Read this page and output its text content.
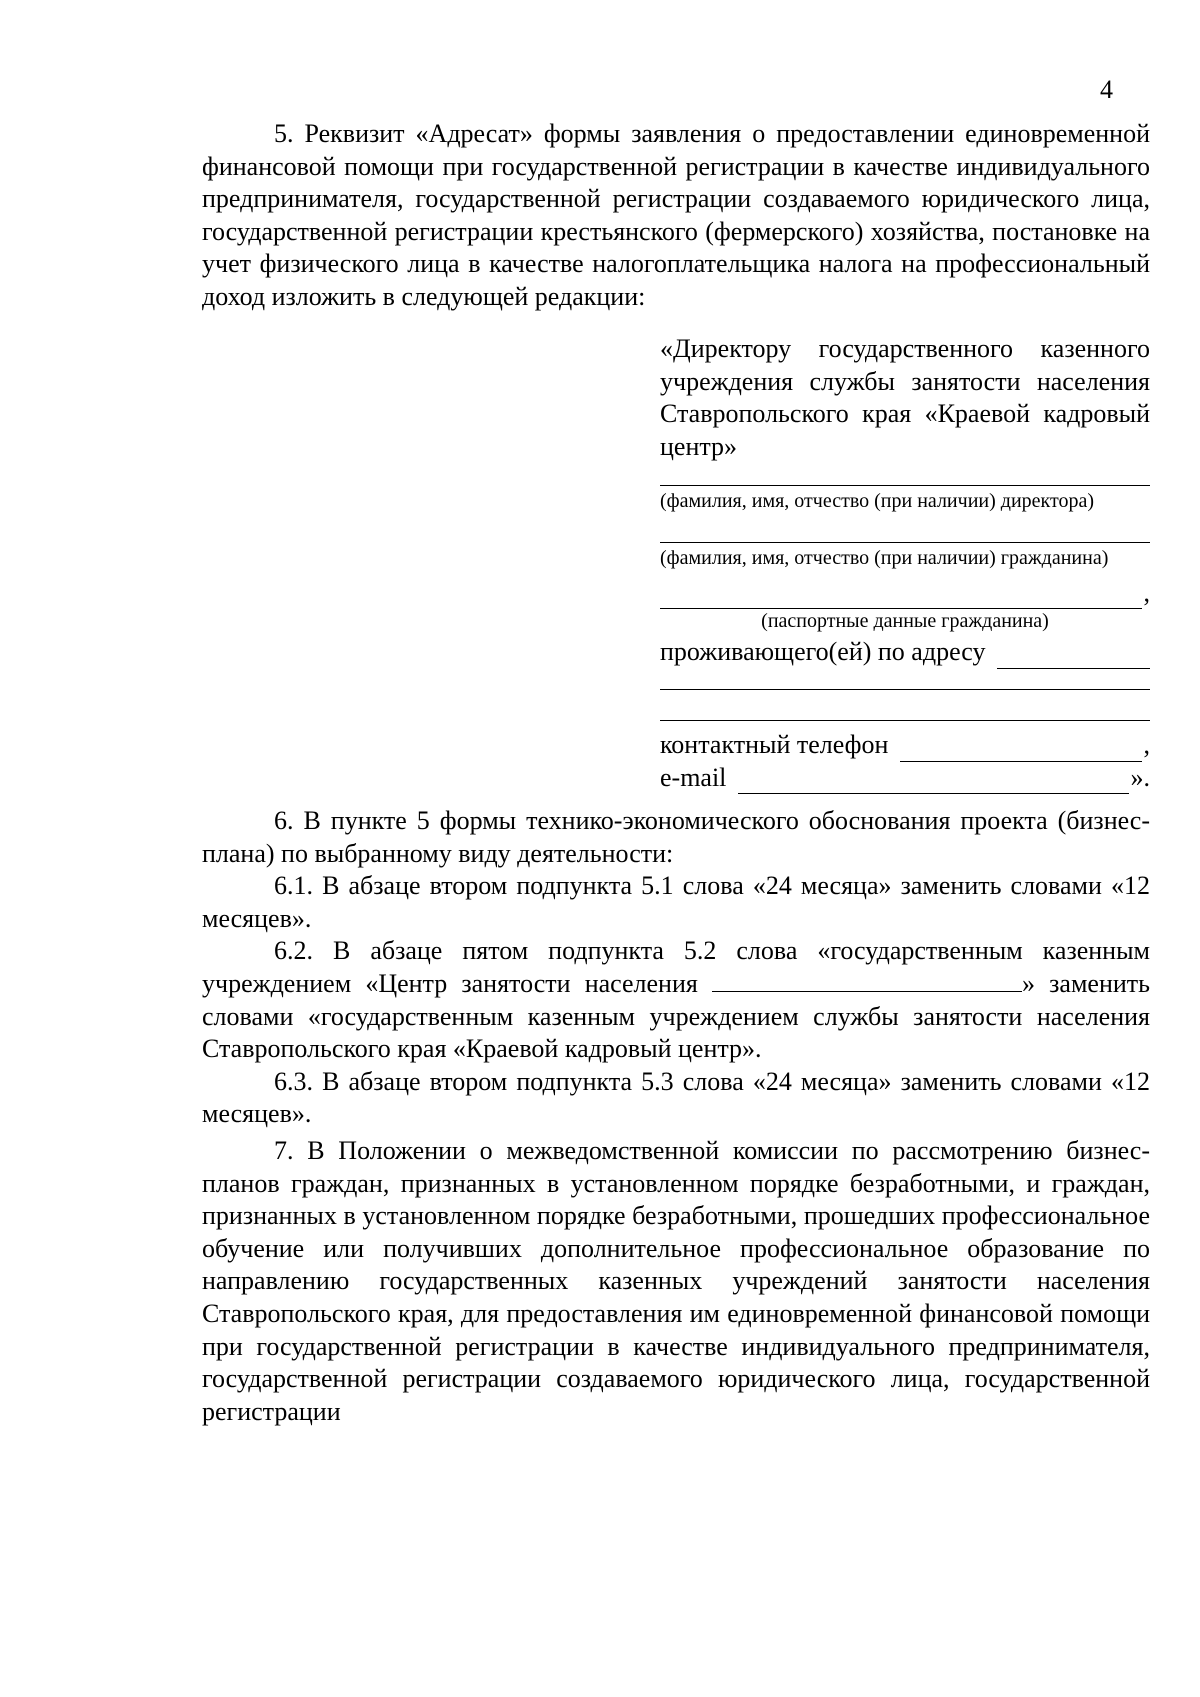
4

5. Реквизит «Адресат» формы заявления о предоставлении единовременной финансовой помощи при государственной регистрации в качестве индивидуального предпринимателя, государственной регистрации создаваемого юридического лица, государственной регистрации крестьянского (фермерского) хозяйства, постановке на учет физического лица в качестве налогоплательщика налога на профессиональный доход изложить в следующей редакции:

«Директору государственного казенного учреждения службы занятости населения Ставропольского края «Краевой кадровый центр»

(фамилия, имя, отчество (при наличии) директора)
(фамилия, имя, отчество (при наличии) гражданина)
,
(паспортные данные гражданина)
проживающего(ей) по адресу
контактный телефон	,
e-mail	».

6. В пункте 5 формы технико-экономического обоснования проекта (бизнес-плана) по выбранному виду деятельности:

6.1. В абзаце втором подпункта 5.1 слова «24 месяца» заменить словами «12 месяцев».

6.2. В абзаце пятом подпункта 5.2 слова «государственным казенным учреждением «Центр занятости населения	» заменить словами «государственным казенным учреждением службы занятости населения Ставропольского края «Краевой кадровый центр».

6.3. В абзаце втором подпункта 5.3 слова «24 месяца» заменить словами «12 месяцев».

7. В Положении о межведомственной комиссии по рассмотрению бизнес-планов граждан, признанных в установленном порядке безработными, и граждан, признанных в установленном порядке безработными, прошедших профессиональное обучение или получивших дополнительное профессиональное образование по направлению государственных казенных учреждений занятости населения Ставропольского края, для предоставления им единовременной финансовой помощи при государственной регистрации в качестве индивидуального предпринимателя, государственной регистрации создаваемого юридического лица, государственной регистрации
